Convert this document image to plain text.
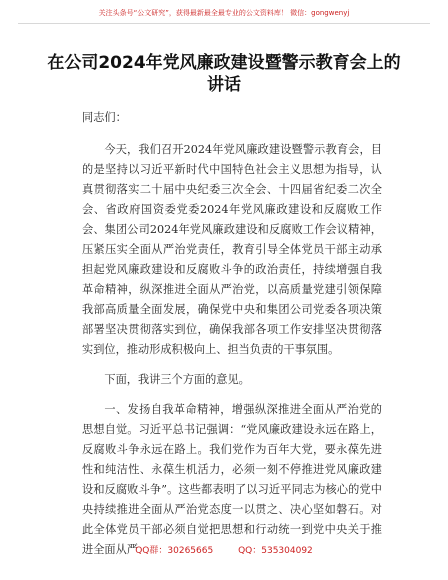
关注头条号“公文研究”，获得最新最全最专业的公文资料库！ 微信：gongwenyj
在公司2024年党风廉政建设暨警示教育会上的讲话

同志们：

今天，我们召开2024年党风廉政建设暨警示教育会，目的是坚持以习近平新时代中国特色社会主义思想为指导，认真贯彻落实二十届中央纪委三次全会、十四届省纪委二次全会、省政府国资委党委2024年党风廉政建设和反腐败工作会、集团公司2024年党风廉政建设和反腐败工作会议精神，压紧压实全面从严治党责任，教育引导全体党员干部主动承担起党风廉政建设和反腐败斗争的政治责任，持续增强自我革命精神，纵深推进全面从严治党，以高质量党建引领保障我部高质量全面发展，确保党中央和集团公司党委各项决策部署坚决贯彻落实到位，确保我部各项工作安排坚决贯彻落实到位，推动形成积极向上、担当负责的干事氛围。

下面，我讲三个方面的意见。

一、发扬自我革命精神，增强纵深推进全面从严治党的思想自觉。习近平总书记强调：“党风廉政建设永远在路上，反腐败斗争永远在路上。我们党作为百年大党，要永葆先进性和纯洁性、永葆生机活力，必须一刻不停推进党风廉政建设和反腐败斗争”。这些都表明了以习近平同志为核心的党中央持续推进全面从严治党态度一以贯之、决心坚如磐石。对此全体党员干部必须自觉把思想和行动统一到党中央关于推进全面从严

QQ群：30265665	QQ：535304092
